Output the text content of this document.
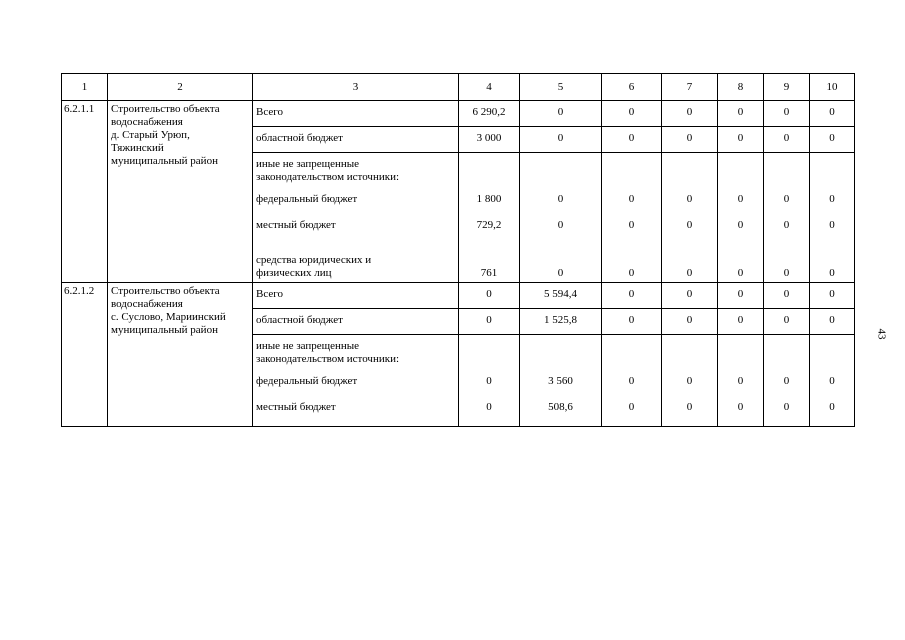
1	2	3	4	5	6	7	8	9	10
6.2.1.1	Строительство объекта
водоснабжения
д. Старый Урюп,
Тяжинский
муниципальный район	Всего	6 290,2	0	0	0	0	0	0
		областной бюджет	3 000	0	0	0	0	0	0

		иные не запрещенные
законодательством источники:							

		федеральный бюджет	1 800	0	0	0	0	0	0
		местный бюджет	729,2	0	0	0	0	0	0

		средства юридических и
физических лиц	761	0	0	0	0	0	0
6.2.1.2	Строительство объекта
водоснабжения
с. Суслово, Мариинский
муниципальный район	Всего	0	5 594,4	0	0	0	0	0
		областной бюджет	0	1 525,8	0	0	0	0	0

		иные не запрещенные
законодательством источники:							

		федеральный бюджет	0	3 560	0	0	0	0	0
		местный бюджет	0	508,6	0	0	0	0	0
43
